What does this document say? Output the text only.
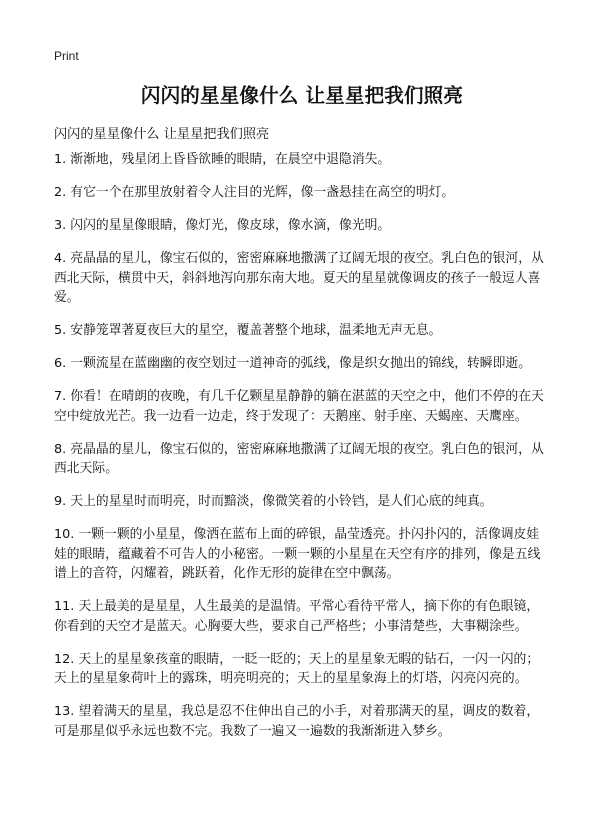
Print
闪闪的星星像什么 让星星把我们照亮
闪闪的星星像什么 让星星把我们照亮
1. 渐渐地，残星闭上昏昏欲睡的眼睛，在晨空中退隐消失。
2. 有它一个在那里放射着令人注目的光辉，像一盏悬挂在高空的明灯。
3. 闪闪的星星像眼睛，像灯光，像皮球，像水滴，像光明。
4. 亮晶晶的星儿，像宝石似的，密密麻麻地撒满了辽阔无垠的夜空。乳白色的银河，从西北天际，横贯中天，斜斜地泻向那东南大地。夏天的星星就像调皮的孩子一般逗人喜爱。
5. 安静笼罩著夏夜巨大的星空，覆盖著整个地球，温柔地无声无息。
6. 一颗流星在蓝幽幽的夜空划过一道神奇的弧线，像是织女抛出的锦线，转瞬即逝。
7. 你看！在晴朗的夜晚，有几千亿颗星星静静的躺在湛蓝的天空之中，他们不停的在天空中绽放光芒。我一边看一边走，终于发现了：天鹅座、射手座、天蝎座、天鹰座。
8. 亮晶晶的星儿，像宝石似的，密密麻麻地撒满了辽阔无垠的夜空。乳白色的银河，从西北天际。
9. 天上的星星时而明亮，时而黯淡，像微笑着的小铃铛，是人们心底的纯真。
10. 一颗一颗的小星星，像洒在蓝布上面的碎银，晶莹透亮。扑闪扑闪的，活像调皮娃娃的眼睛，蕴藏着不可告人的小秘密。一颗一颗的小星星在天空有序的排列，像是五线谱上的音符，闪耀着，跳跃着，化作无形的旋律在空中飘荡。
11. 天上最美的是星星，人生最美的是温情。平常心看待平常人，摘下你的有色眼镜，你看到的天空才是蓝天。心胸要大些，要求自己严格些；小事清楚些，大事糊涂些。
12. 天上的星星象孩童的眼睛，一眨一眨的；天上的星星象无暇的钻石，一闪一闪的；天上的星星象荷叶上的露珠，明亮明亮的；天上的星星象海上的灯塔，闪亮闪亮的。
13. 望着满天的星星，我总是忍不住伸出自己的小手，对着那满天的星，调皮的数着，可是那星似乎永远也数不完。我数了一遍又一遍数的我渐渐进入梦乡。
